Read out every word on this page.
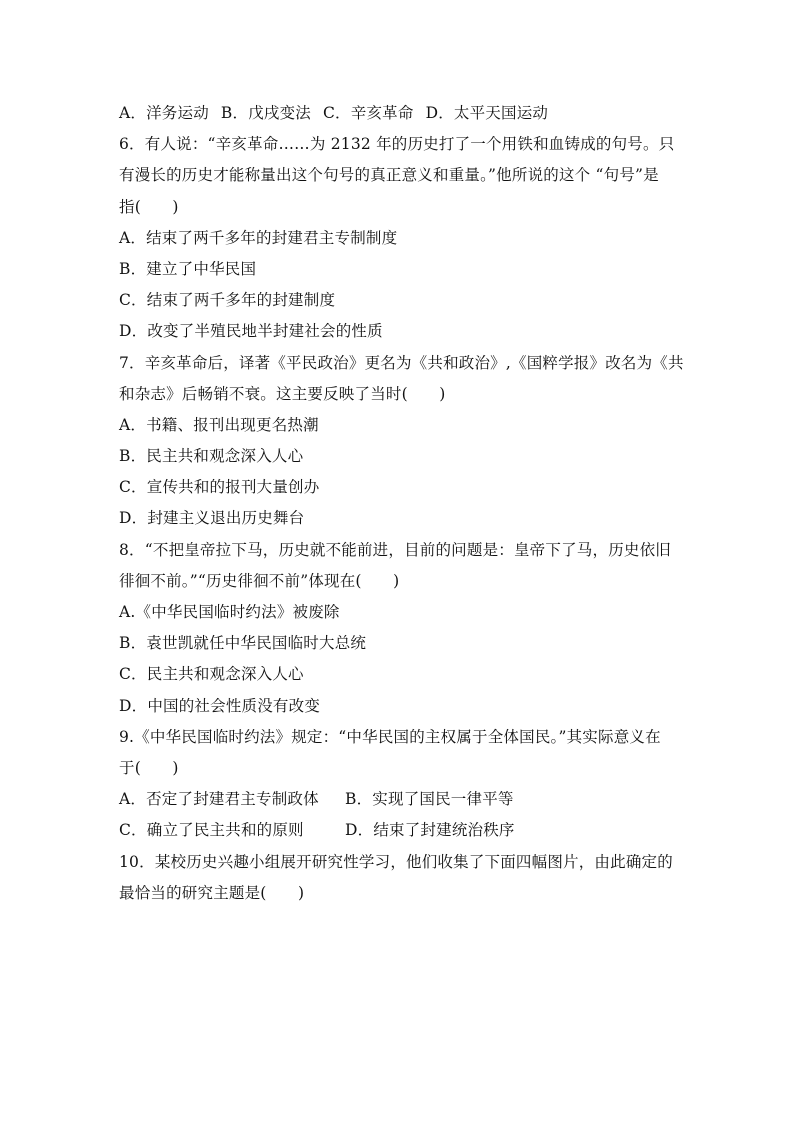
A．洋务运动 B．戊戌变法 C．辛亥革命 D．太平天国运动
6．有人说：“辛亥革命……为 2132 年的历史打了一个用铁和血铸成的句号。只
有漫长的历史才能称量出这个句号的真正意义和重量。”他所说的这个 “句号”是
指(　　)
A．结束了两千多年的封建君主专制制度
B．建立了中华民国
C．结束了两千多年的封建制度
D．改变了半殖民地半封建社会的性质
7．辛亥革命后，译著《平民政治》更名为《共和政治》,《国粹学报》改名为《共
和杂志》后畅销不衰。这主要反映了当时(　　)
A．书籍、报刊出现更名热潮
B．民主共和观念深入人心
C．宣传共和的报刊大量创办
D．封建主义退出历史舞台
8．“不把皇帝拉下马，历史就不能前进，目前的问题是：皇帝下了马，历史依旧
徘徊不前。”“历史徘徊不前”体现在(　　)
A.《中华民国临时约法》被废除
B．袁世凯就任中华民国临时大总统
C．民主共和观念深入人心
D．中国的社会性质没有改变
9.《中华民国临时约法》规定：“中华民国的主权属于全体国民。”其实际意义在
于(　　)
A．否定了封建君主专制政体	B．实现了国民一律平等
C．确立了民主共和的原则	D．结束了封建统治秩序
10．某校历史兴趣小组展开研究性学习，他们收集了下面四幅图片，由此确定的
最恰当的研究主题是(　　)
